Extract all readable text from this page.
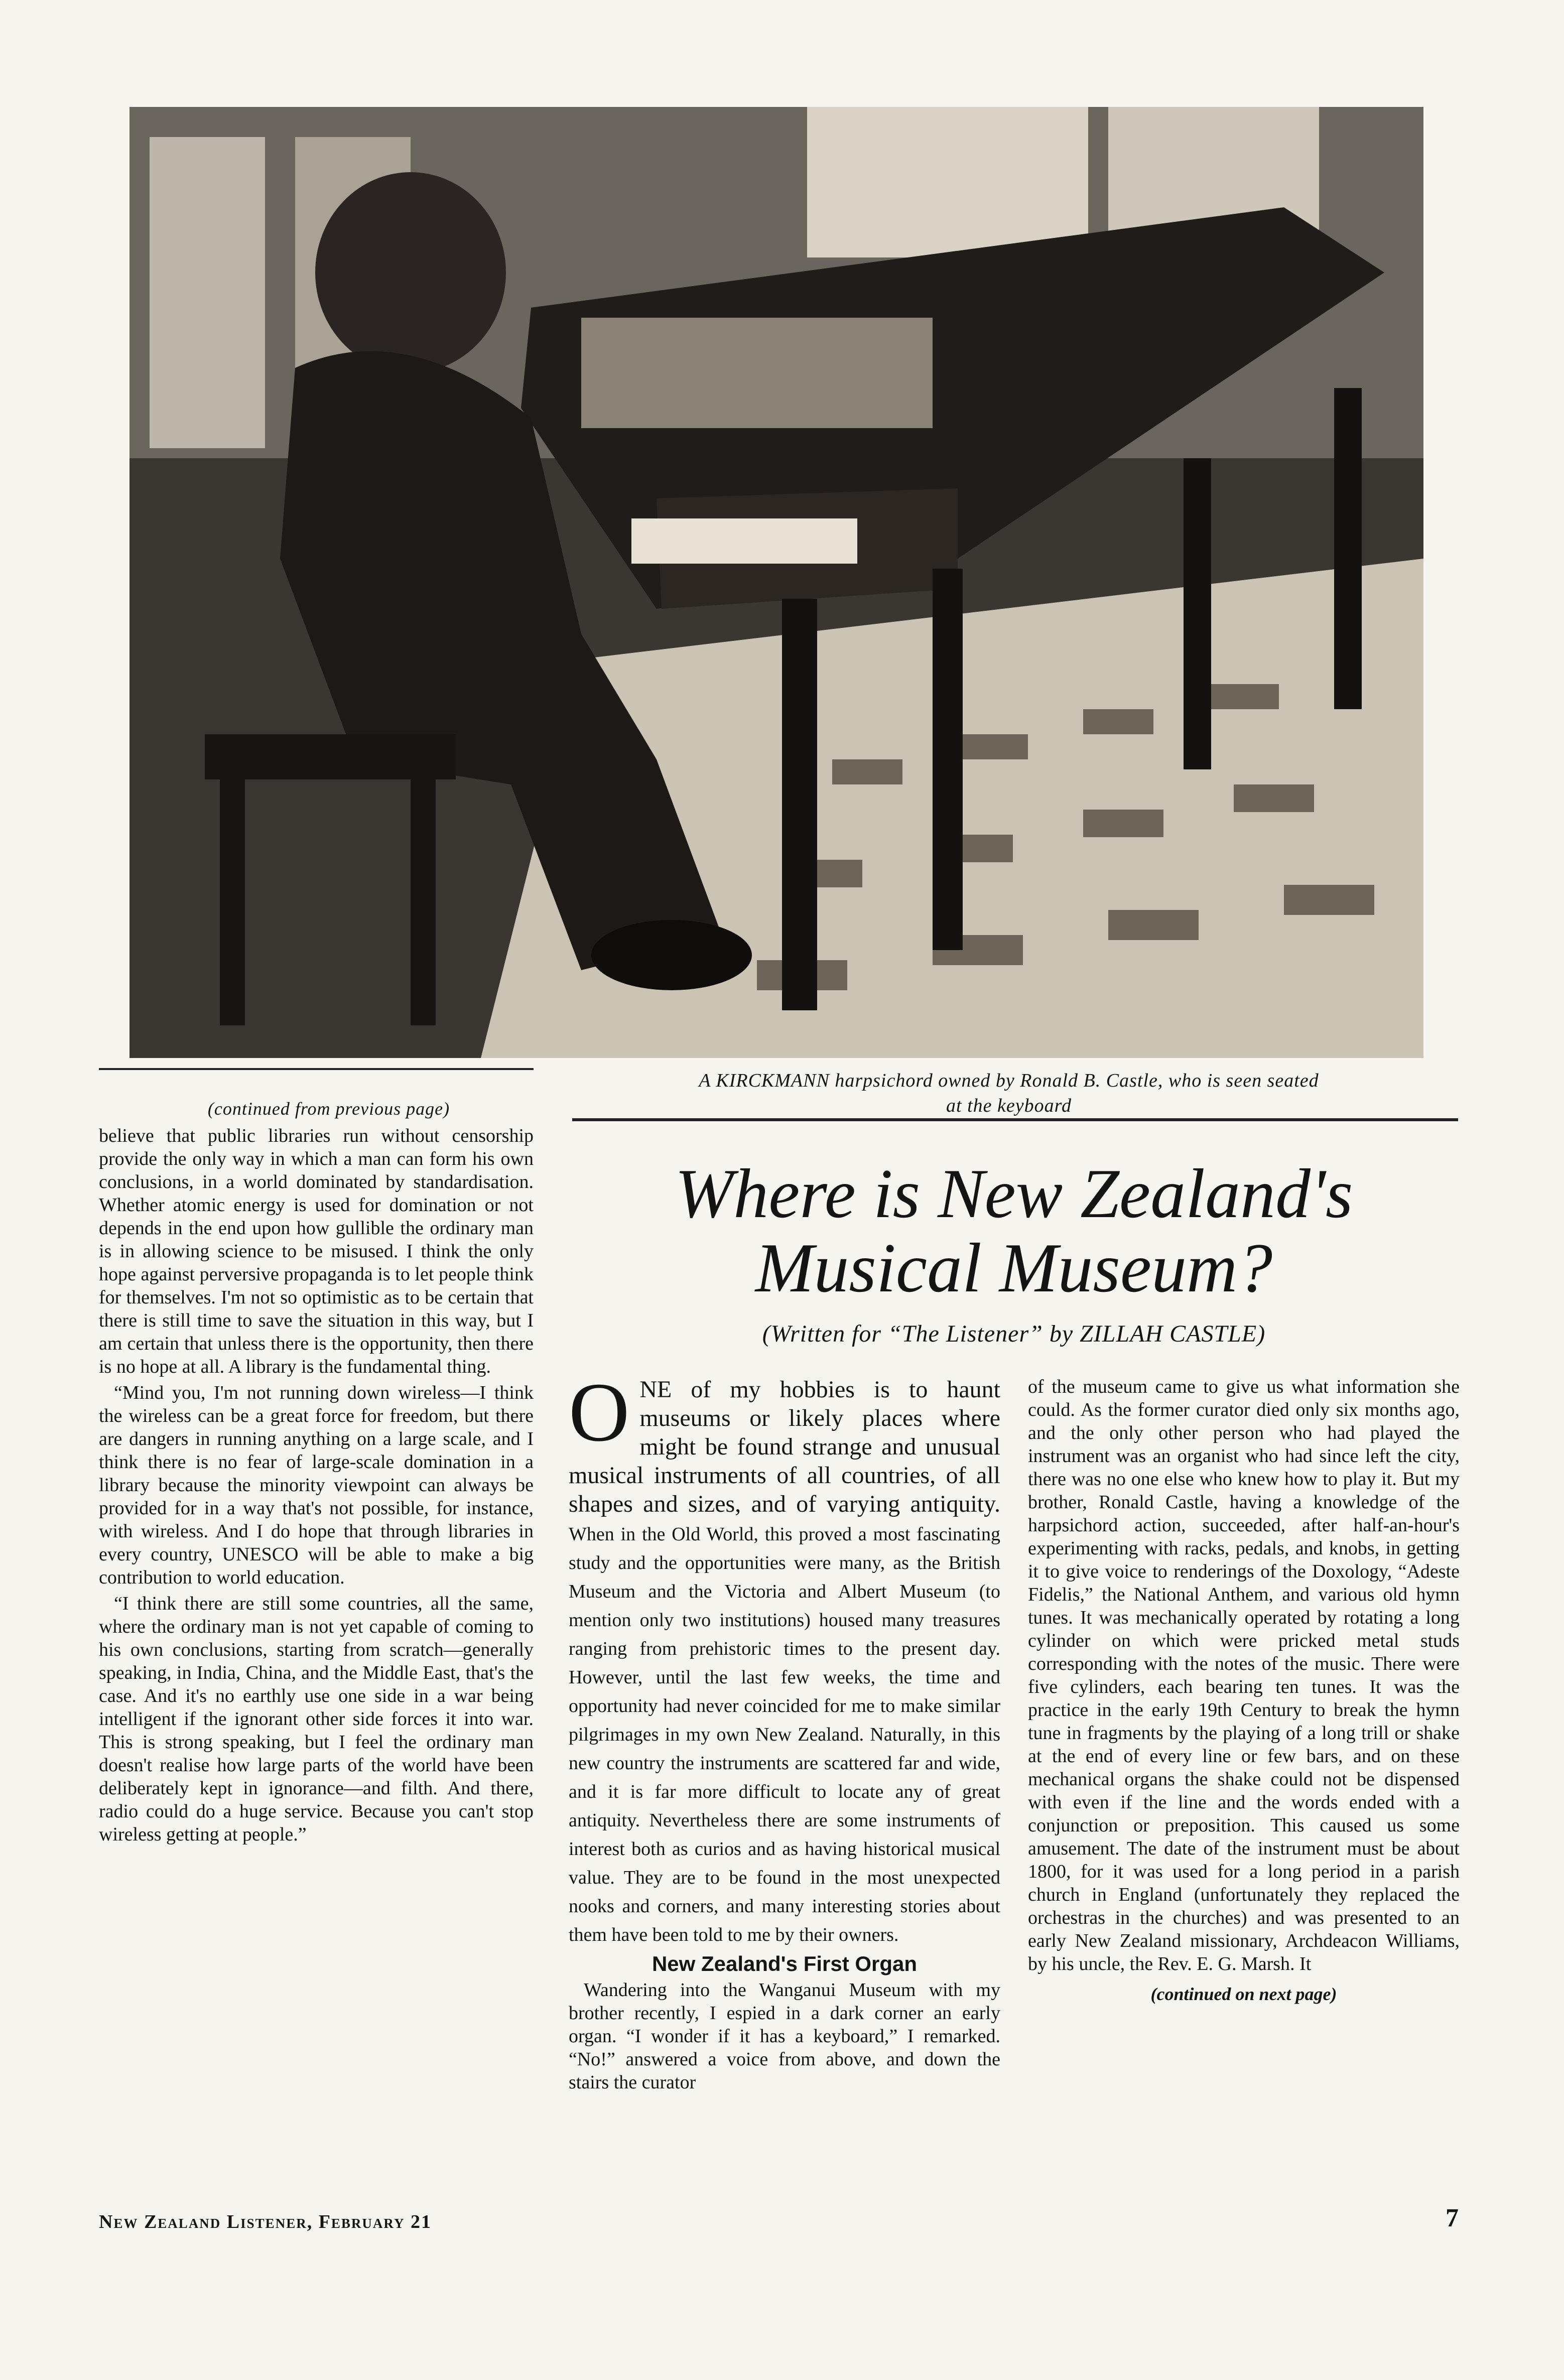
A KIRCKMANN harpsichord owned by Ronald B. Castle, who is seen seated
at the keyboard
(continued from previous page)

believe that public libraries run without censorship provide the only way in which a man can form his own conclusions, in a world dominated by standardisation. Whether atomic energy is used for domination or not depends in the end upon how gullible the ordinary man is in allowing science to be misused. I think the only hope against perversive propaganda is to let people think for themselves. I'm not so optimistic as to be certain that there is still time to save the situation in this way, but I am certain that unless there is the opportunity, then there is no hope at all. A library is the fundamental thing.

“Mind you, I'm not running down wireless—I think the wireless can be a great force for freedom, but there are dangers in running anything on a large scale, and I think there is no fear of large-scale domination in a library because the minority viewpoint can always be provided for in a way that's not possible, for instance, with wireless. And I do hope that through libraries in every country, UNESCO will be able to make a big contribution to world education.

“I think there are still some countries, all the same, where the ordinary man is not yet capable of coming to his own conclusions, starting from scratch—generally speaking, in India, China, and the Middle East, that's the case. And it's no earthly use one side in a war being intelligent if the ignorant other side forces it into war. This is strong speaking, but I feel the ordinary man doesn't realise how large parts of the world have been deliberately kept in ignorance—and filth. And there, radio could do a huge service. Because you can't stop wireless getting at people.”

Where is New Zealand's
Musical Museum?
(Written for “The Listener” by ZILLAH CASTLE)

ONE of my hobbies is to haunt museums or likely places where might be found strange and unusual musical instruments of all countries, of all shapes and sizes, and of varying antiquity. When in the Old World, this proved a most fascinating study and the opportunities were many, as the British Museum and the Victoria and Albert Museum (to mention only two institutions) housed many treasures ranging from prehistoric times to the present day. However, until the last few weeks, the time and opportunity had never coincided for me to make similar pilgrimages in my own New Zealand. Naturally, in this new country the instruments are scattered far and wide, and it is far more difficult to locate any of great antiquity. Nevertheless there are some instruments of interest both as curios and as having historical musical value. They are to be found in the most unexpected nooks and corners, and many interesting stories about them have been told to me by their owners.

New Zealand's First Organ

Wandering into the Wanganui Museum with my brother recently, I espied in a dark corner an early organ. “I wonder if it has a keyboard,” I remarked. “No!” answered a voice from above, and down the stairs the curator

of the museum came to give us what information she could. As the former curator died only six months ago, and the only other person who had played the instrument was an organist who had since left the city, there was no one else who knew how to play it. But my brother, Ronald Castle, having a knowledge of the harpsichord action, succeeded, after half-an-hour's experimenting with racks, pedals, and knobs, in getting it to give voice to renderings of the Doxology, “Adeste Fidelis,” the National Anthem, and various old hymn tunes. It was mechanically operated by rotating a long cylinder on which were pricked metal studs corresponding with the notes of the music. There were five cylinders, each bearing ten tunes. It was the practice in the early 19th Century to break the hymn tune in fragments by the playing of a long trill or shake at the end of every line or few bars, and on these mechanical organs the shake could not be dispensed with even if the line and the words ended with a conjunction or preposition. This caused us some amusement. The date of the instrument must be about 1800, for it was used for a long period in a parish church in England (unfortunately they replaced the orchestras in the churches) and was presented to an early New Zealand missionary, Archdeacon Williams, by his uncle, the Rev. E. G. Marsh. It

(continued on next page)
New Zealand Listener, February 21	7
